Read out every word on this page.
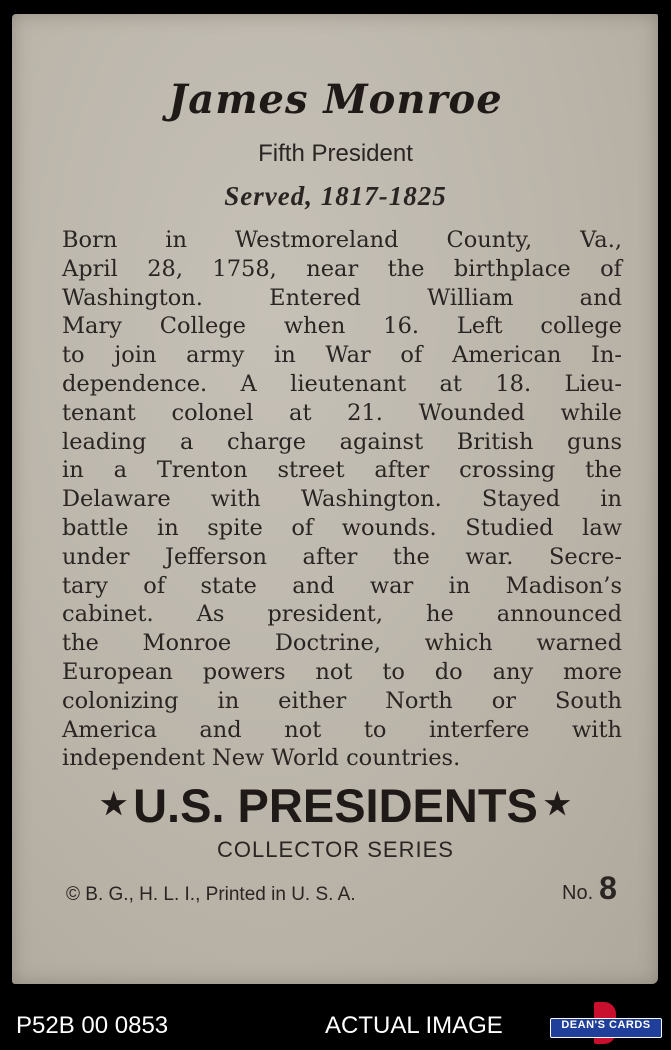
James Monroe
Fifth President
Served, 1817-1825
Born in Westmoreland County, Va.,
April 28, 1758, near the birthplace of
Washington. Entered William and
Mary College when 16. Left college
to join army in War of American In-
dependence. A lieutenant at 18. Lieu-
tenant colonel at 21. Wounded while
leading a charge against British guns
in a Trenton street after crossing the
Delaware with Washington. Stayed in
battle in spite of wounds. Studied law
under Jefferson after the war. Secre-
tary of state and war in Madison’s
cabinet. As president, he announced
the Monroe Doctrine, which warned
European powers not to do any more
colonizing in either North or South
America and not to interfere with
independent New World countries.
★ U.S. PRESIDENTS ★
COLLECTOR SERIES
© B. G., H. L. I., Printed in U. S. A.	No. 8
P52B 00 0853	ACTUAL IMAGE	DEAN'S CARDS
